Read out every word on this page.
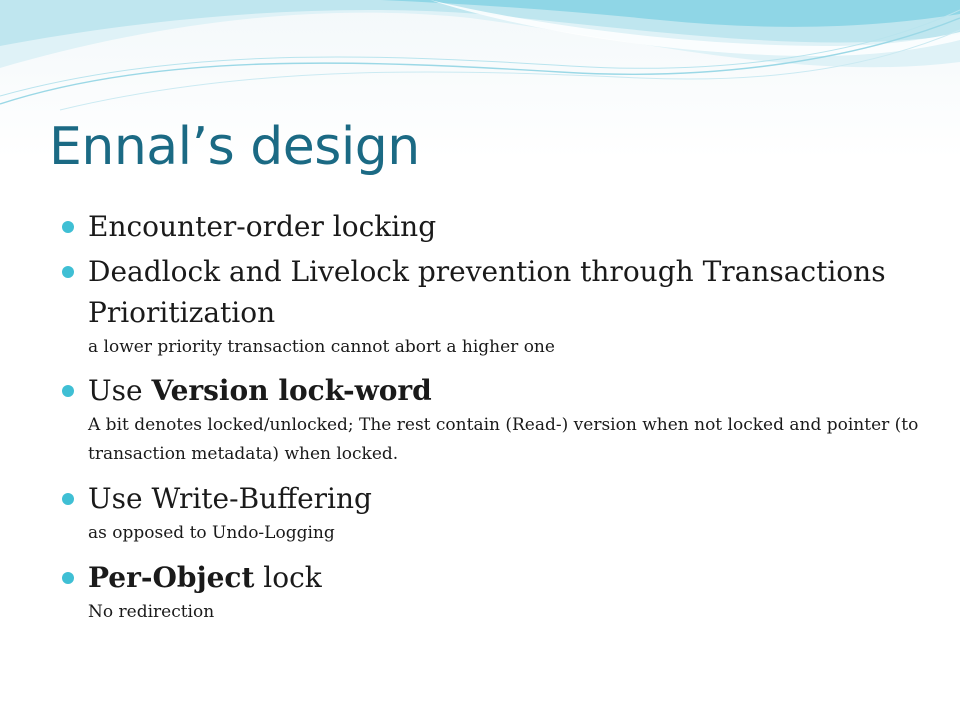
Ennal’s design

Encounter-order locking

Deadlock and Livelock prevention through Transactions Prioritization

a lower priority transaction cannot abort a higher one

Use Version lock-word

A bit denotes locked/unlocked; The rest contain (Read-) version when not locked and pointer (to transaction metadata) when locked.

Use Write-Buffering

as opposed to Undo-Logging

Per-Object lock

No redirection
